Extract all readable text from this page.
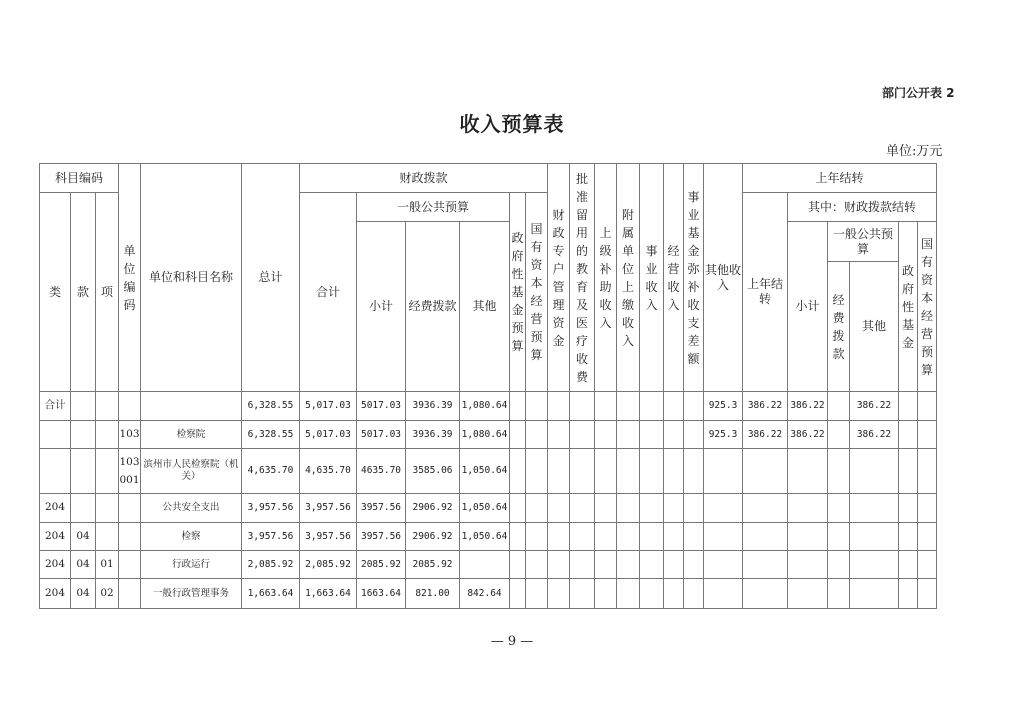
部门公开表 2
收入预算表
单位:万元
科目编码			单位编码	单位和科目名称	总计	财政拨款						财政专户管理资金	批准留用的教育及医疗收费	上级补助收入	附属单位上缴收入	事业收入	经营收入	事业基金弥补收支差额	其他收入	上年结转					
类	款	项				合计	一般公共预算			政府性基金预算	国有资本经营预算									上年结转	其中：财政拨款结转				
							小计	经费拨款	其他												小计	一般公共预算		政府性基金	国有资本经营预算
																						经费拨款	其他		
合计					6,328.55	5,017.03	5017.03	3936.39	1,080.64										925.3	386.22	386.22		386.22		
			103	检察院	6,328.55	5,017.03	5017.03	3936.39	1,080.64										925.3	386.22	386.22		386.22		
			103001	滨州市人民检察院（机关）	4,635.70	4,635.70	4635.70	3585.06	1,050.64																
204				公共安全支出	3,957.56	3,957.56	3957.56	2906.92	1,050.64																
204	04			检察	3,957.56	3,957.56	3957.56	2906.92	1,050.64																
204	04	01		行政运行	2,085.92	2,085.92	2085.92	2085.92																	
204	04	02		一般行政管理事务	1,663.64	1,663.64	1663.64	821.00	842.64																
— 9 —
